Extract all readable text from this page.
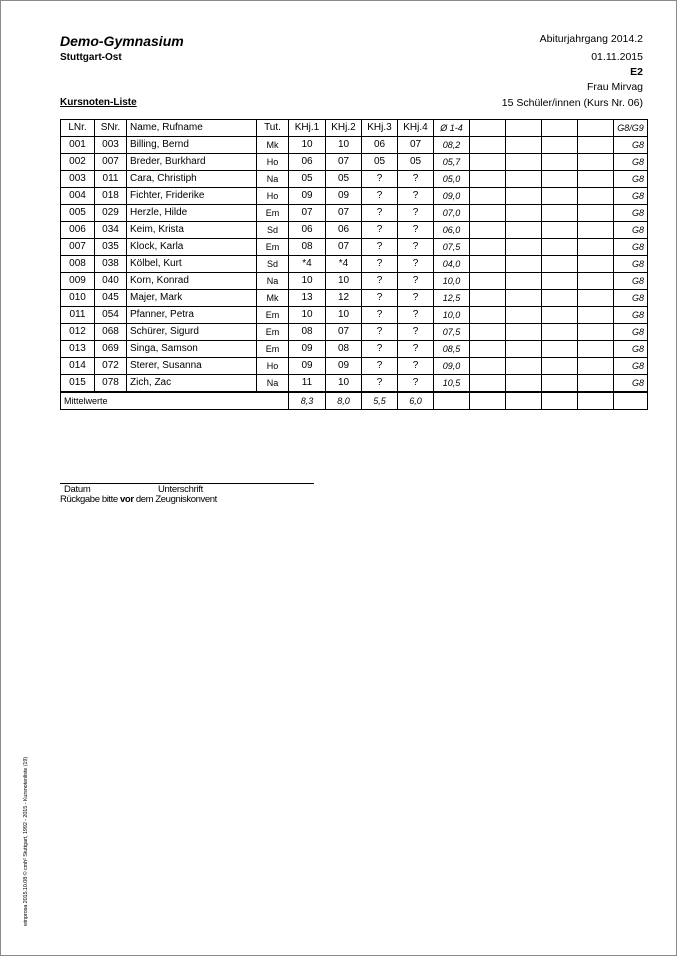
Demo-Gymnasium
Stuttgart-Ost
Abiturjahrgang 2014.2
01.11.2015
E2
Frau Mirvag
15 Schüler/innen (Kurs Nr. 06)
Kursnoten-Liste
LNr.	SNr.	Name, Rufname	Tut.	KHj.1	KHj.2	KHj.3	KHj.4	Ø 1-4					G8/G9
001	003	Billing, Bernd	Mk	10	10	06	07	08,2					G8
002	007	Breder, Burkhard	Ho	06	07	05	05	05,7					G8
003	011	Cara, Christiph	Na	05	05	?	?	05,0					G8
004	018	Fichter, Friderike	Ho	09	09	?	?	09,0					G8
005	029	Herzle, Hilde	Em	07	07	?	?	07,0					G8
006	034	Keim, Krista	Sd	06	06	?	?	06,0					G8
007	035	Klock, Karla	Em	08	07	?	?	07,5					G8
008	038	Kölbel, Kurt	Sd	*4	*4	?	?	04,0					G8
009	040	Korn, Konrad	Na	10	10	?	?	10,0					G8
010	045	Majer, Mark	Mk	13	12	?	?	12,5					G8
011	054	Pfanner, Petra	Em	10	10	?	?	10,0					G8
012	068	Schürer, Sigurd	Em	08	07	?	?	07,5					G8
013	069	Singa, Samson	Em	09	08	?	?	08,5					G8
014	072	Sterer, Susanna	Ho	09	09	?	?	09,0					G8
015	078	Zich, Zac	Na	11	10	?	?	10,5					G8
Mittelwerte				8,3	8,0	5,5	6,0						
Datum	Unterschrift
Rückgabe bitte vor dem Zeugniskonvent
winprosa 2015.10.08 © cmh² Stuttgart, 1992 - 2015 - Kursnotenliste (19)
